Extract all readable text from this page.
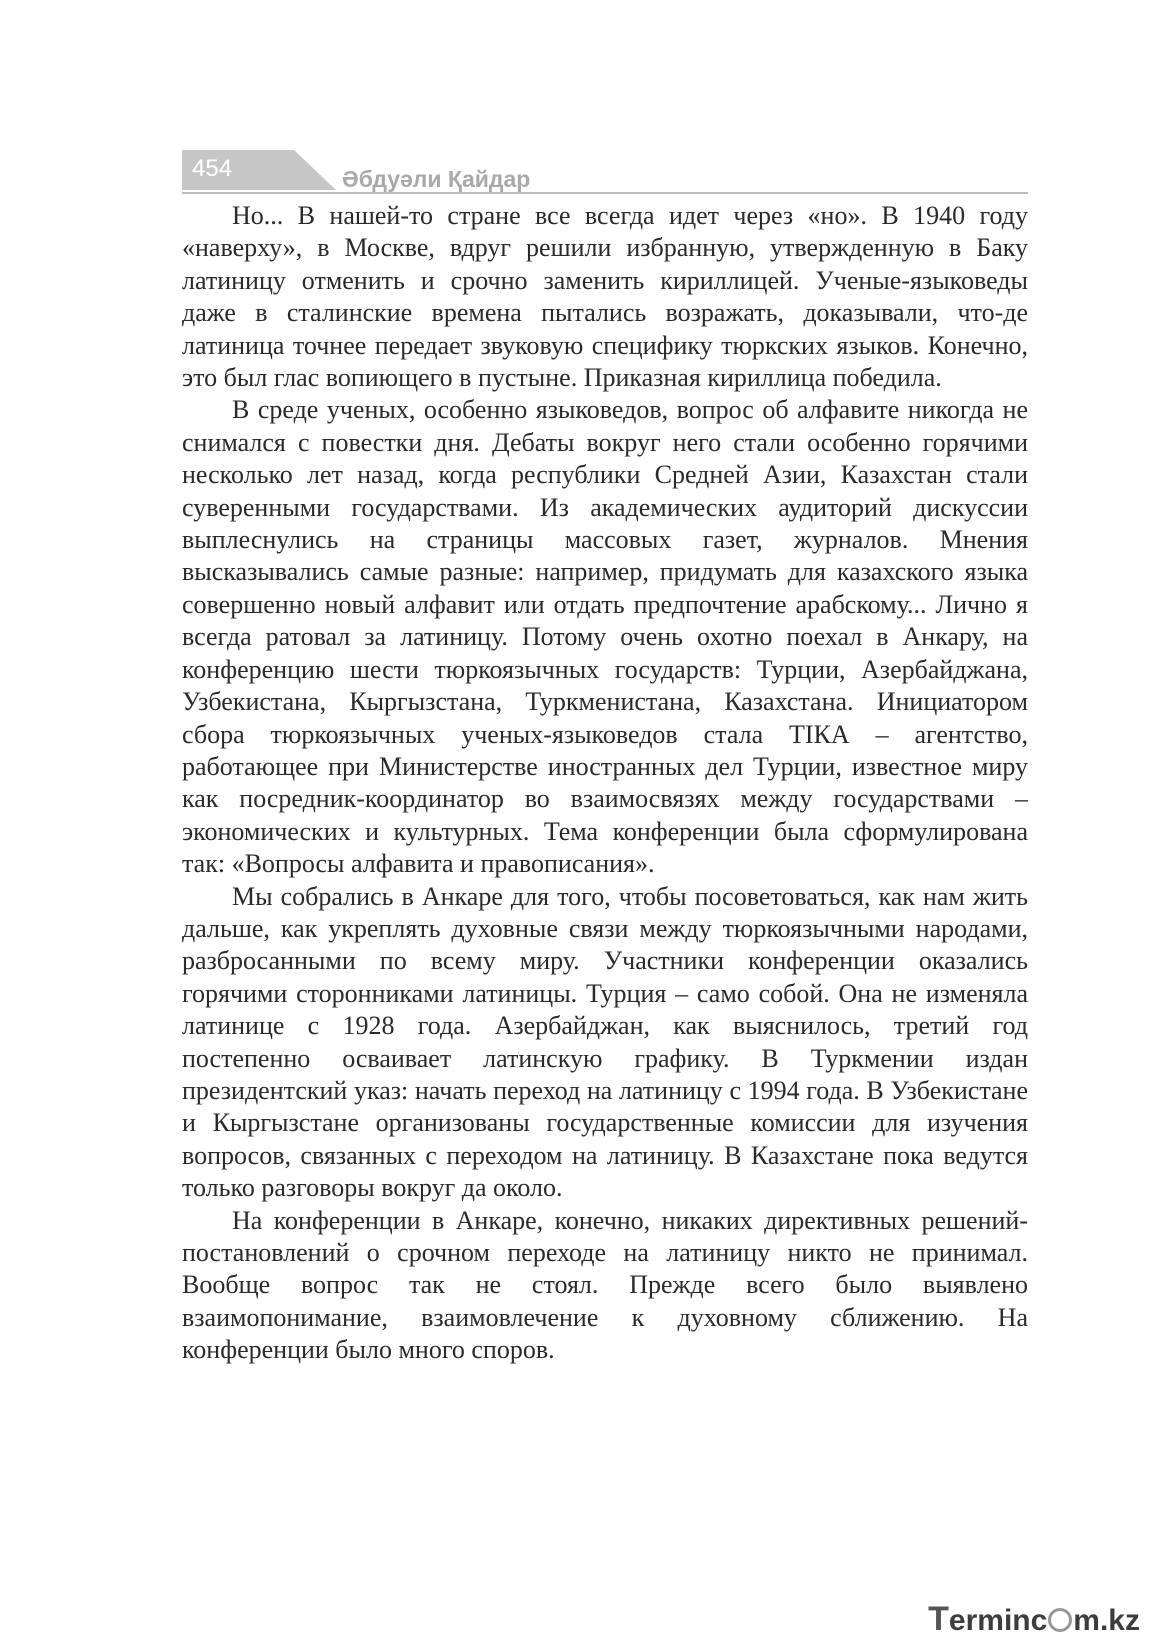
454	Әбдуәли Қайдар

Но... В нашей-то стране все всегда идет через «но». В 1940 году «наверху», в Москве, вдруг решили избранную, утвержденную в Баку латиницу отменить и срочно заменить кириллицей. Ученые-языковеды даже в сталинские времена пытались возражать, доказывали, что-де латиница точнее передает звуковую специфику тюркских языков. Конечно, это был глас вопиющего в пустыне. Приказная кириллица победила.

В среде ученых, особенно языковедов, вопрос об алфавите никогда не снимался с повестки дня. Дебаты вокруг него стали особенно горячими несколько лет назад, когда республики Средней Азии, Казахстан стали суверенными государствами. Из академических аудиторий дискуссии выплеснулись на страницы массовых газет, журналов. Мнения высказывались самые разные: например, придумать для казахского языка совершенно новый алфавит или отдать предпочтение арабскому... Лично я всегда ратовал за латиницу. Потому очень охотно поехал в Анкару, на конференцию шести тюркоязычных государств: Турции, Азербайджана, Узбекистана, Кыргызстана, Туркменистана, Казахстана. Инициатором сбора тюркоязычных ученых-языковедов стала ТІКА – агентство, работающее при Министерстве иностранных дел Турции, известное миру как посредник-координатор во взаимосвязях между государствами – экономических и культурных. Тема конференции была сформулирована так: «Вопросы алфавита и правописания».

Мы собрались в Анкаре для того, чтобы посоветоваться, как нам жить дальше, как укреплять духовные связи между тюркоязычными народами, разбросанными по всему миру. Участники конференции оказались горячими сторонниками латиницы. Турция – само собой. Она не изменяла латинице с 1928 года. Азербайджан, как выяснилось, третий год постепенно осваивает латинскую графику. В Туркмении издан президентский указ: начать переход на латиницу с 1994 года. В Узбекистане и Кыргызстане организованы государственные комиссии для изучения вопросов, связанных с переходом на латиницу. В Казахстане пока ведутся только разговоры вокруг да около.

На конференции в Анкаре, конечно, никаких директивных решений-постановлений о срочном переходе на латиницу никто не принимал. Вообще вопрос так не стоял. Прежде всего было выявлено взаимопонимание, взаимовлечение к духовному сближению. На конференции было много споров.

Terminc m.kz
